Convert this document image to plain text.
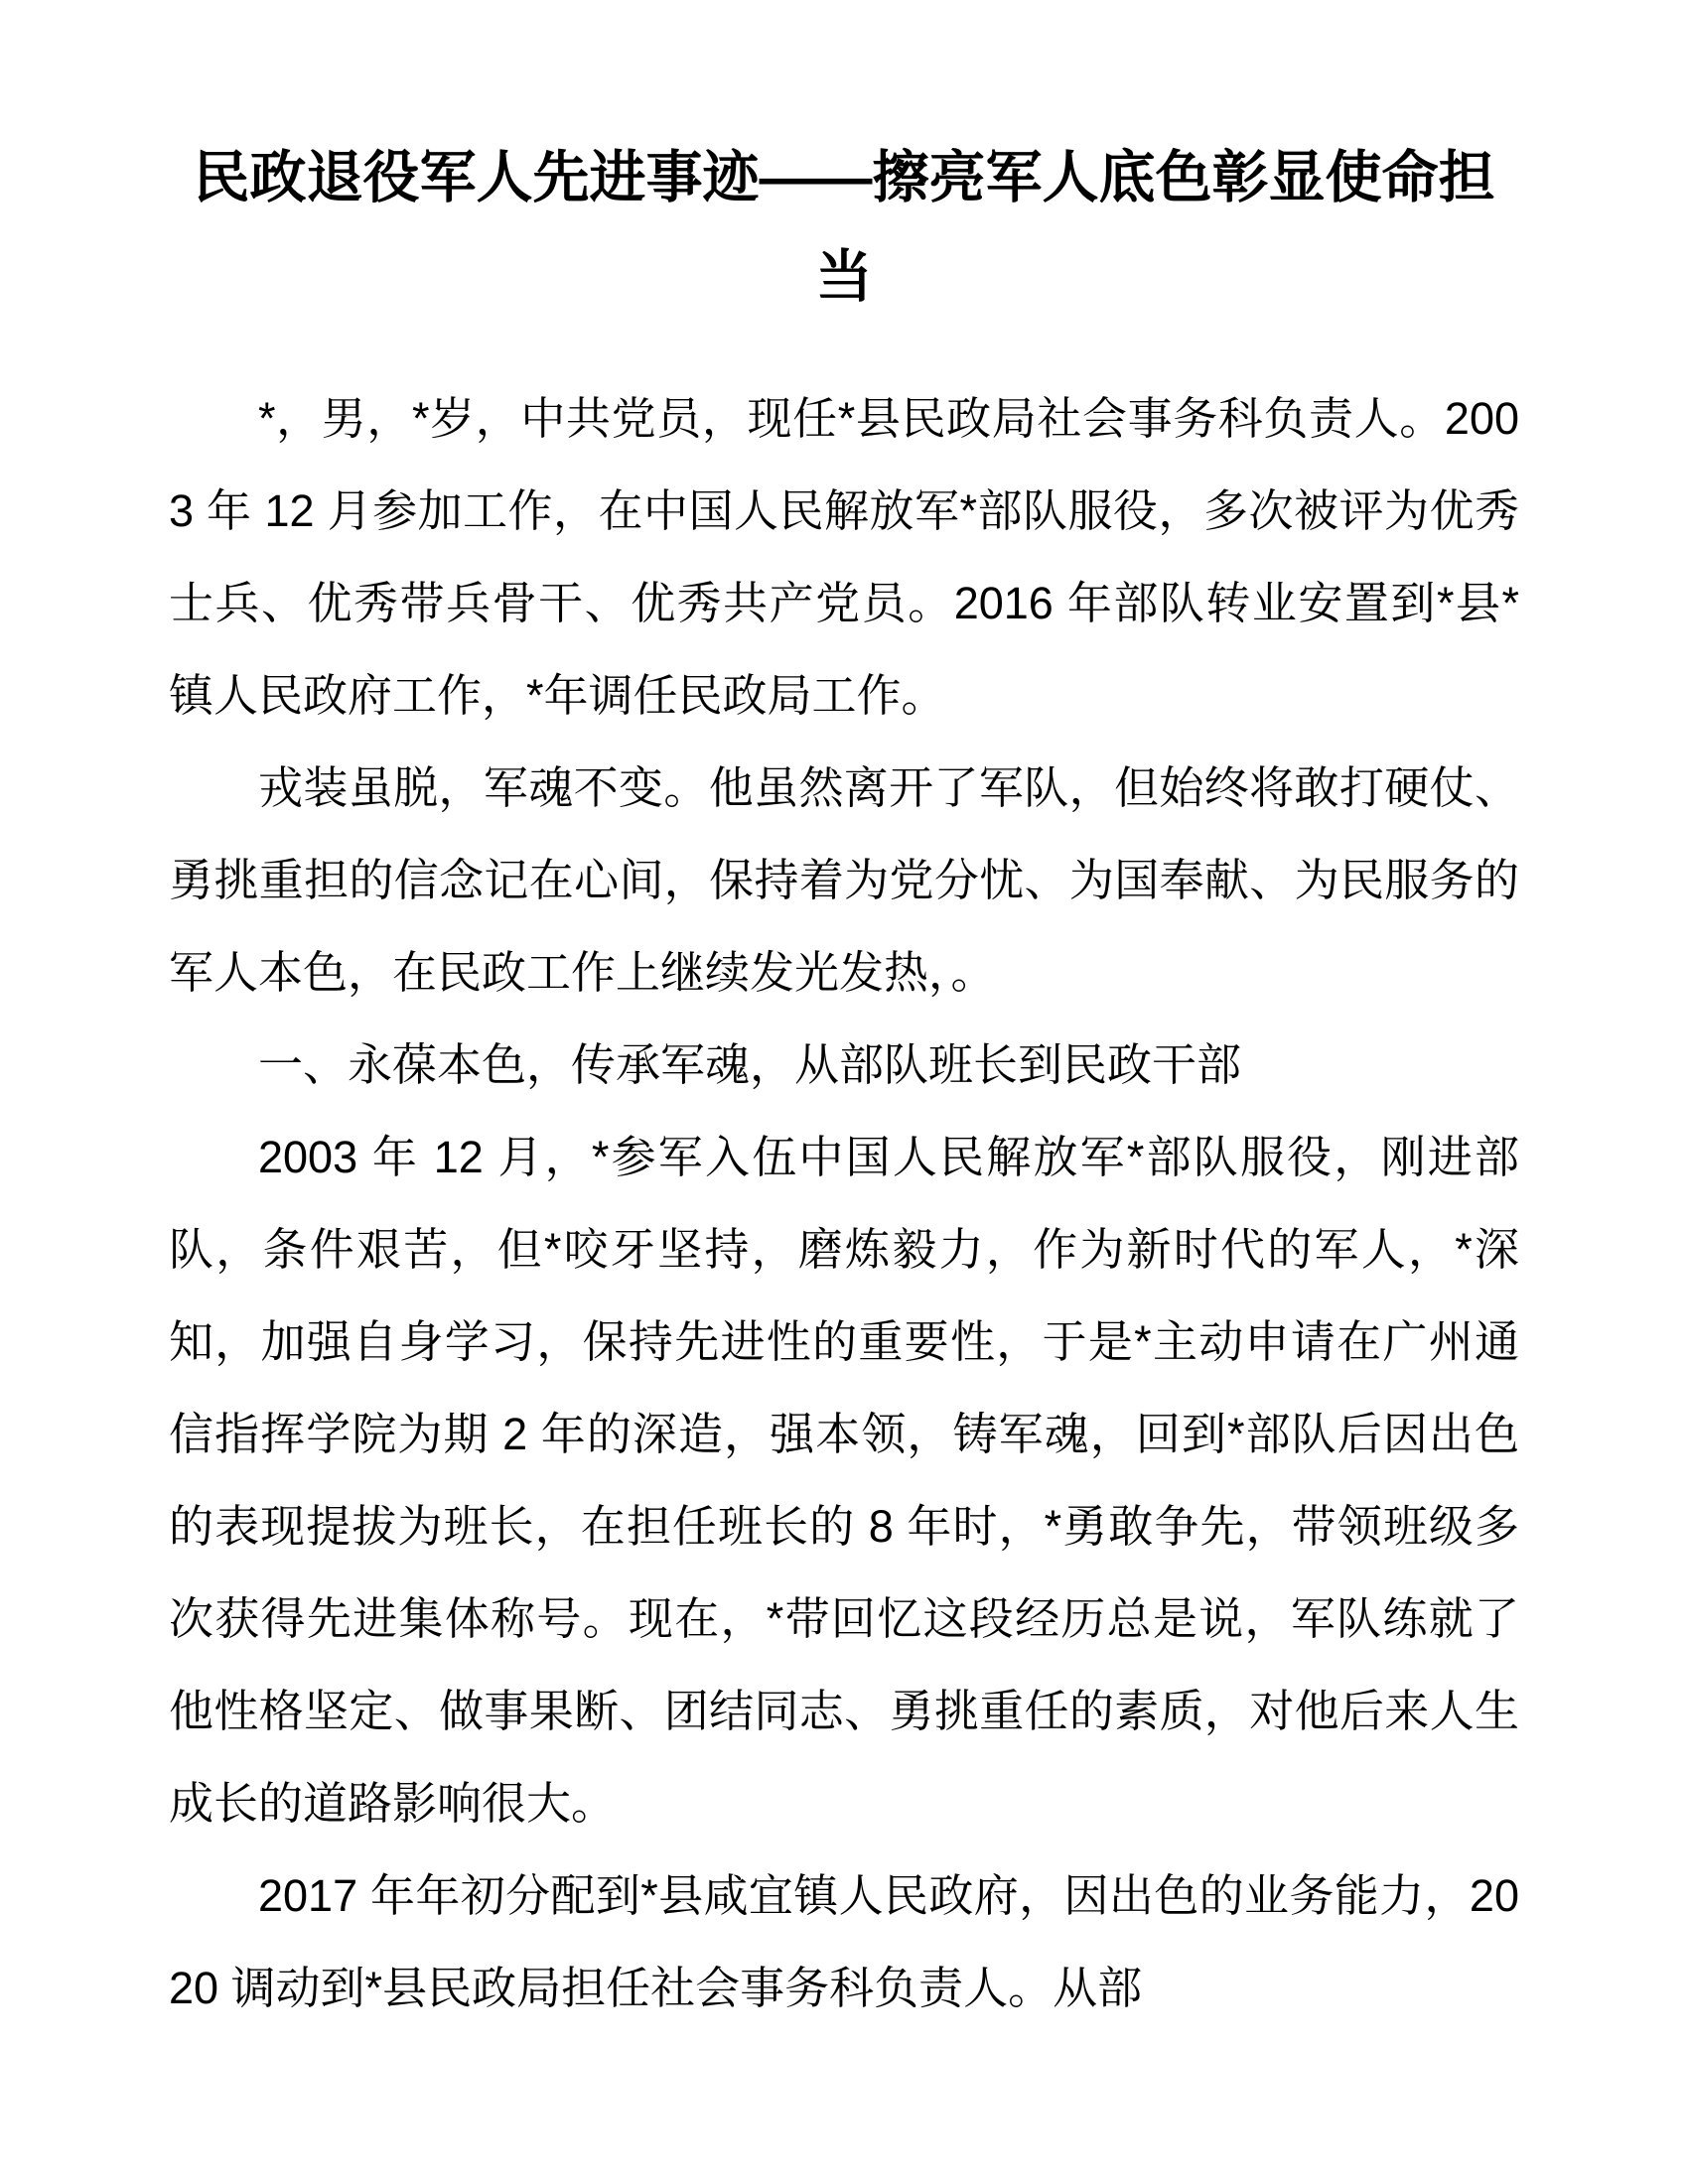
民政退役军人先进事迹——擦亮军人底色彰显使命担当

*，男，*岁，中共党员，现任*县民政局社会事务科负责人。2003 年 12 月参加工作，在中国人民解放军*部队服役，多次被评为优秀士兵、优秀带兵骨干、优秀共产党员。2016 年部队转业安置到*县*镇人民政府工作，*年调任民政局工作。

戎装虽脱，军魂不变。他虽然离开了军队，但始终将敢打硬仗、勇挑重担的信念记在心间，保持着为党分忧、为国奉献、为民服务的军人本色，在民政工作上继续发光发热，。

一、永葆本色，传承军魂，从部队班长到民政干部

2003 年 12 月，*参军入伍中国人民解放军*部队服役，刚进部队，条件艰苦，但*咬牙坚持，磨炼毅力，作为新时代的军人，*深知，加强自身学习，保持先进性的重要性，于是*主动申请在广州通信指挥学院为期 2 年的深造，强本领，铸军魂，回到*部队后因出色的表现提拔为班长，在担任班长的 8 年时，*勇敢争先，带领班级多次获得先进集体称号。现在，*带回忆这段经历总是说，军队练就了他性格坚定、做事果断、团结同志、勇挑重任的素质，对他后来人生成长的道路影响很大。

2017 年年初分配到*县咸宜镇人民政府，因出色的业务能力，2020 调动到*县民政局担任社会事务科负责人。从部
